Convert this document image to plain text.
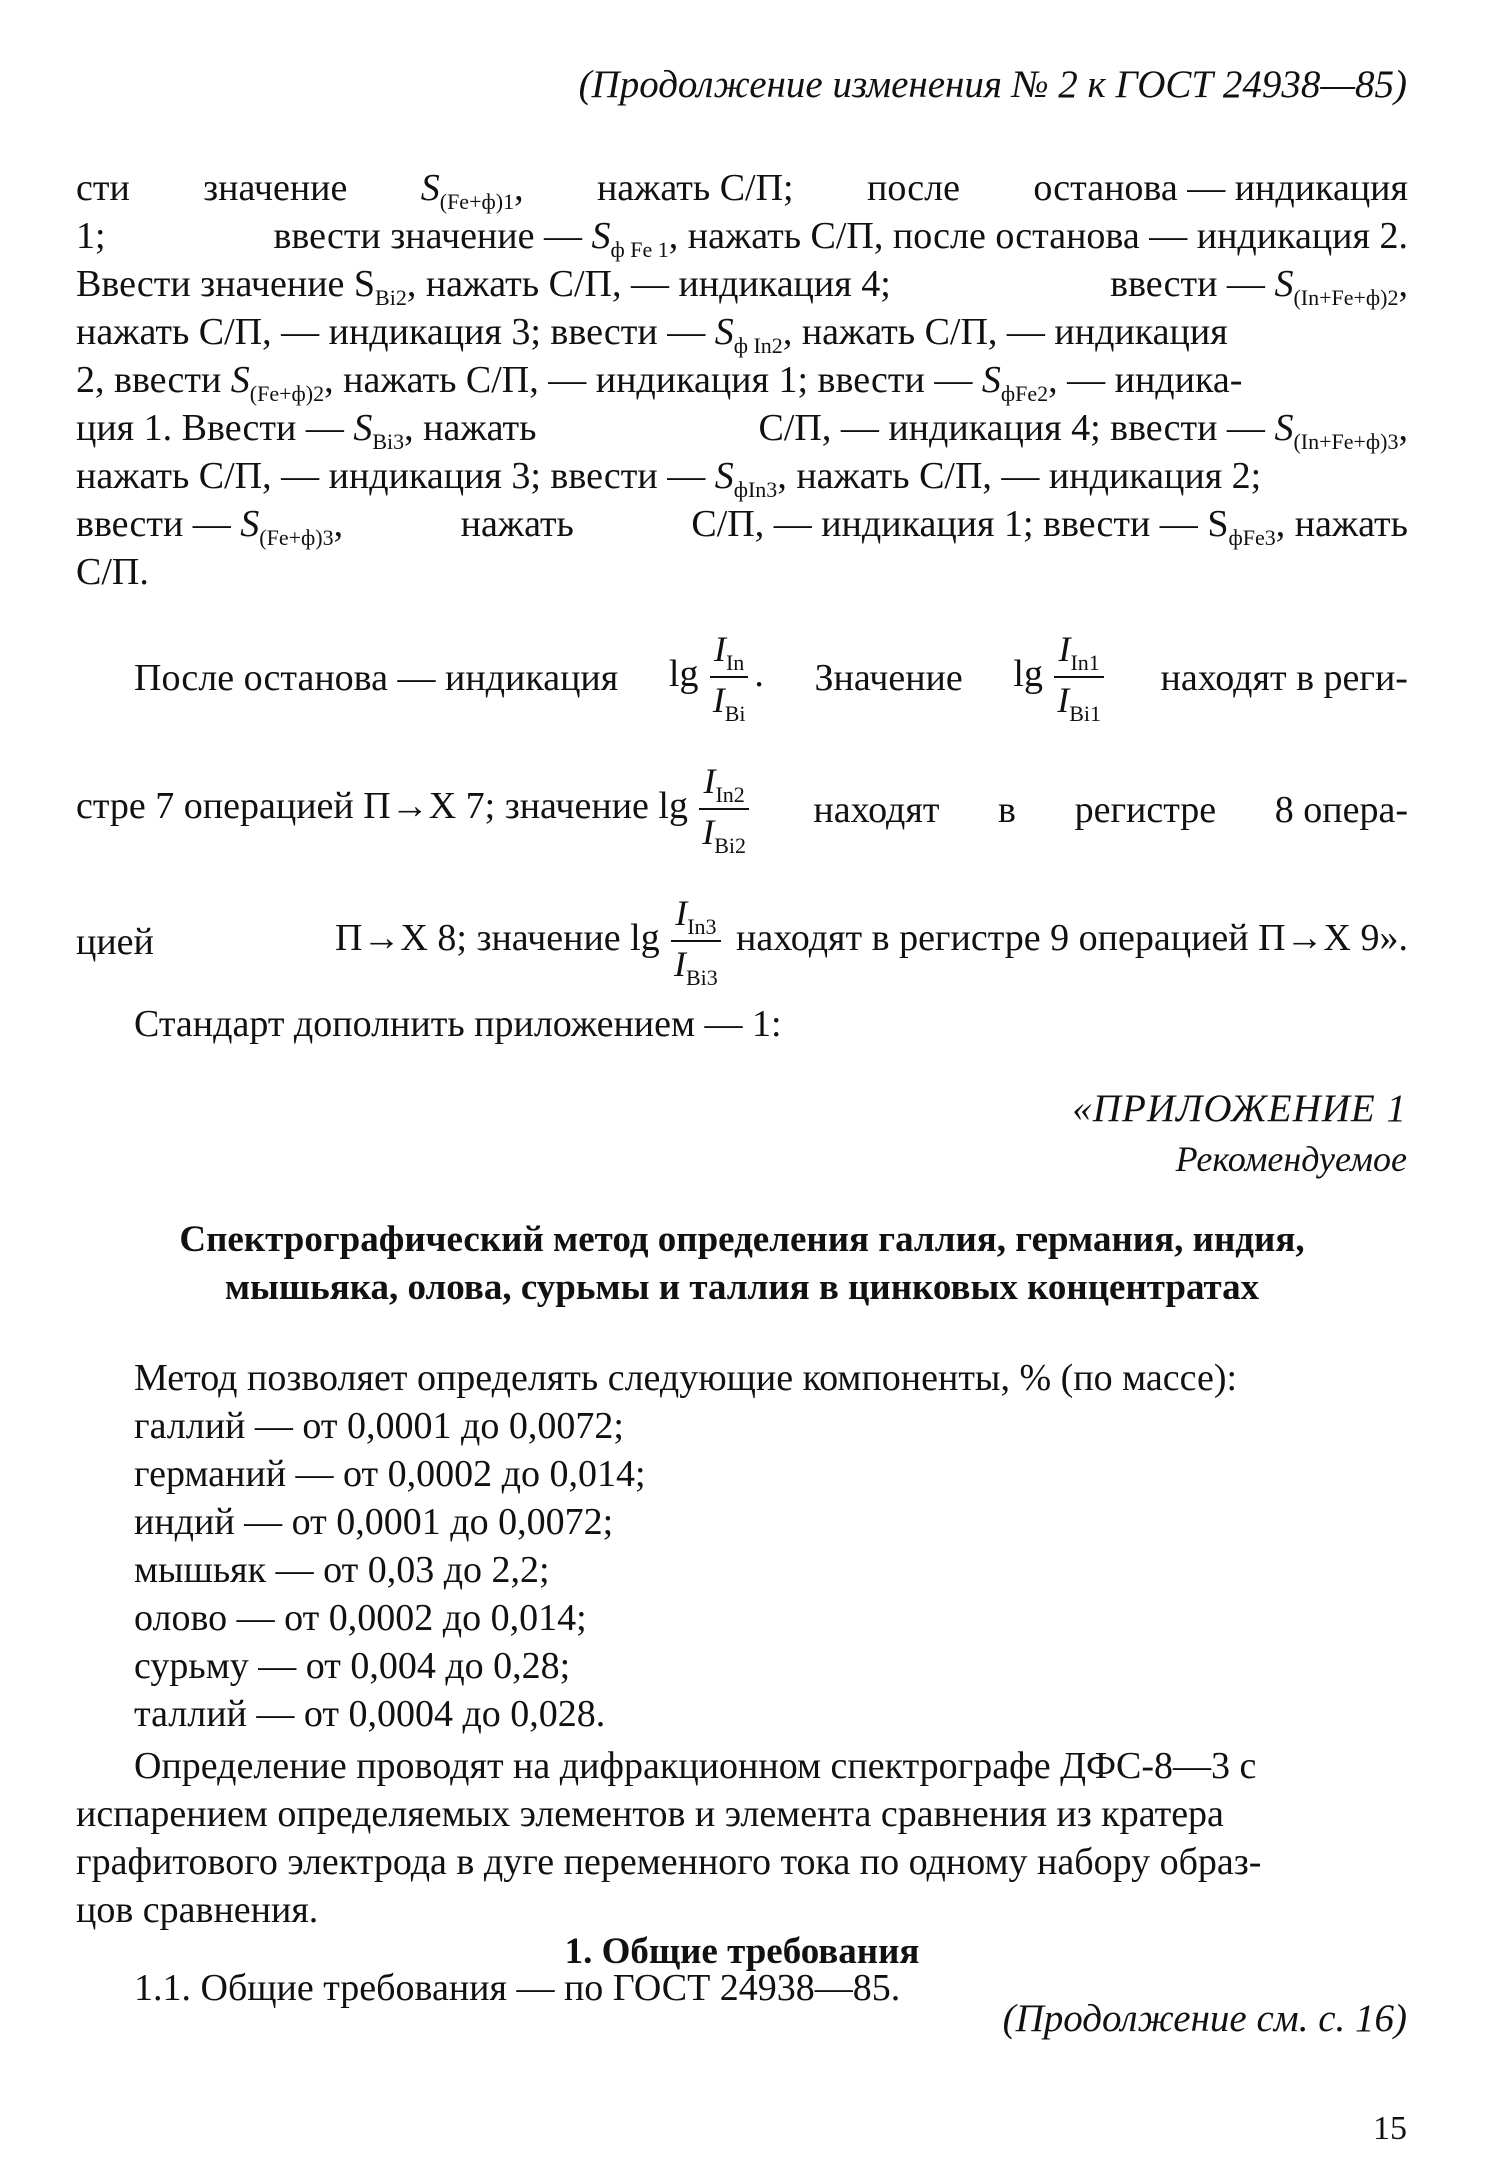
(Продолжение изменения № 2 к ГОСТ 24938—85)
сти значение $S_{(Fe+ф)1}$, нажать С/П; после останова — индикация
1;	ввести значение — $S_{ф Fe 1}$, нажать С/П, после останова — индикация 2.
Ввести значение $S_{Bi2}$, нажать С/П, — индикация 4;	ввести — $S_{(In+Fe+ф)2}$,
нажать С/П, — индикация 3; ввести — $S_{ф In2}$, нажать С/П, — индикация
2, ввести $S_{(Fe+ф)2}$, нажать С/П, — индикация 1; ввести — $S_{фFe2}$, — индика-
ция 1. Ввести — $S_{Bi3}$, нажать	С/П, — индикация 4; ввести — $S_{(In+Fe+ф)3}$,
нажать С/П, — индикация 3; ввести — $S_{фIn3}$, нажать С/П, — индикация 2;
ввести — $S_{(Fe+ф)3}$,	нажать	С/П, — индикация 1; ввести — $S_{фFe3}$, нажать
С/П.
После останова — индикация $\lg \frac{I_{In}}{I_{Bi}}$ . Значение $\lg \frac{I_{In1}}{I_{Bi1}}$ находят в реги-
стре 7 операцией П→X 7; значение $\lg \frac{I_{In2}}{I_{Bi2}}$ находят в регистре 8 опера-
цией	П→X 8; значение $\lg \frac{I_{In3}}{I_{Bi3}}$ находят в регистре 9 операцией П→X 9».
Стандарт дополнить приложением — 1:
«ПРИЛОЖЕНИЕ 1
Рекомендуемое
Спектрографический метод определения галлия, германия, индия,
мышьяка, олова, сурьмы и таллия в цинковых концентратах
Метод позволяет определять следующие компоненты, % (по массе):
галлий — от 0,0001 до 0,0072;
германий — от 0,0002 до 0,014;
индий — от 0,0001 до 0,0072;
мышьяк — от 0,03 до 2,2;
олово — от 0,0002 до 0,014;
сурьму — от 0,004 до 0,28;
таллий — от 0,0004 до 0,028.
Определение проводят на дифракционном спектрографе ДФС-8—3 с
испарением определяемых элементов и элемента сравнения из кратера
графитового электрода в дуге переменного тока по одному набору образ-
цов сравнения.
1. Общие требования
1.1. Общие требования — по ГОСТ 24938—85.
(Продолжение см. с. 16)
15
